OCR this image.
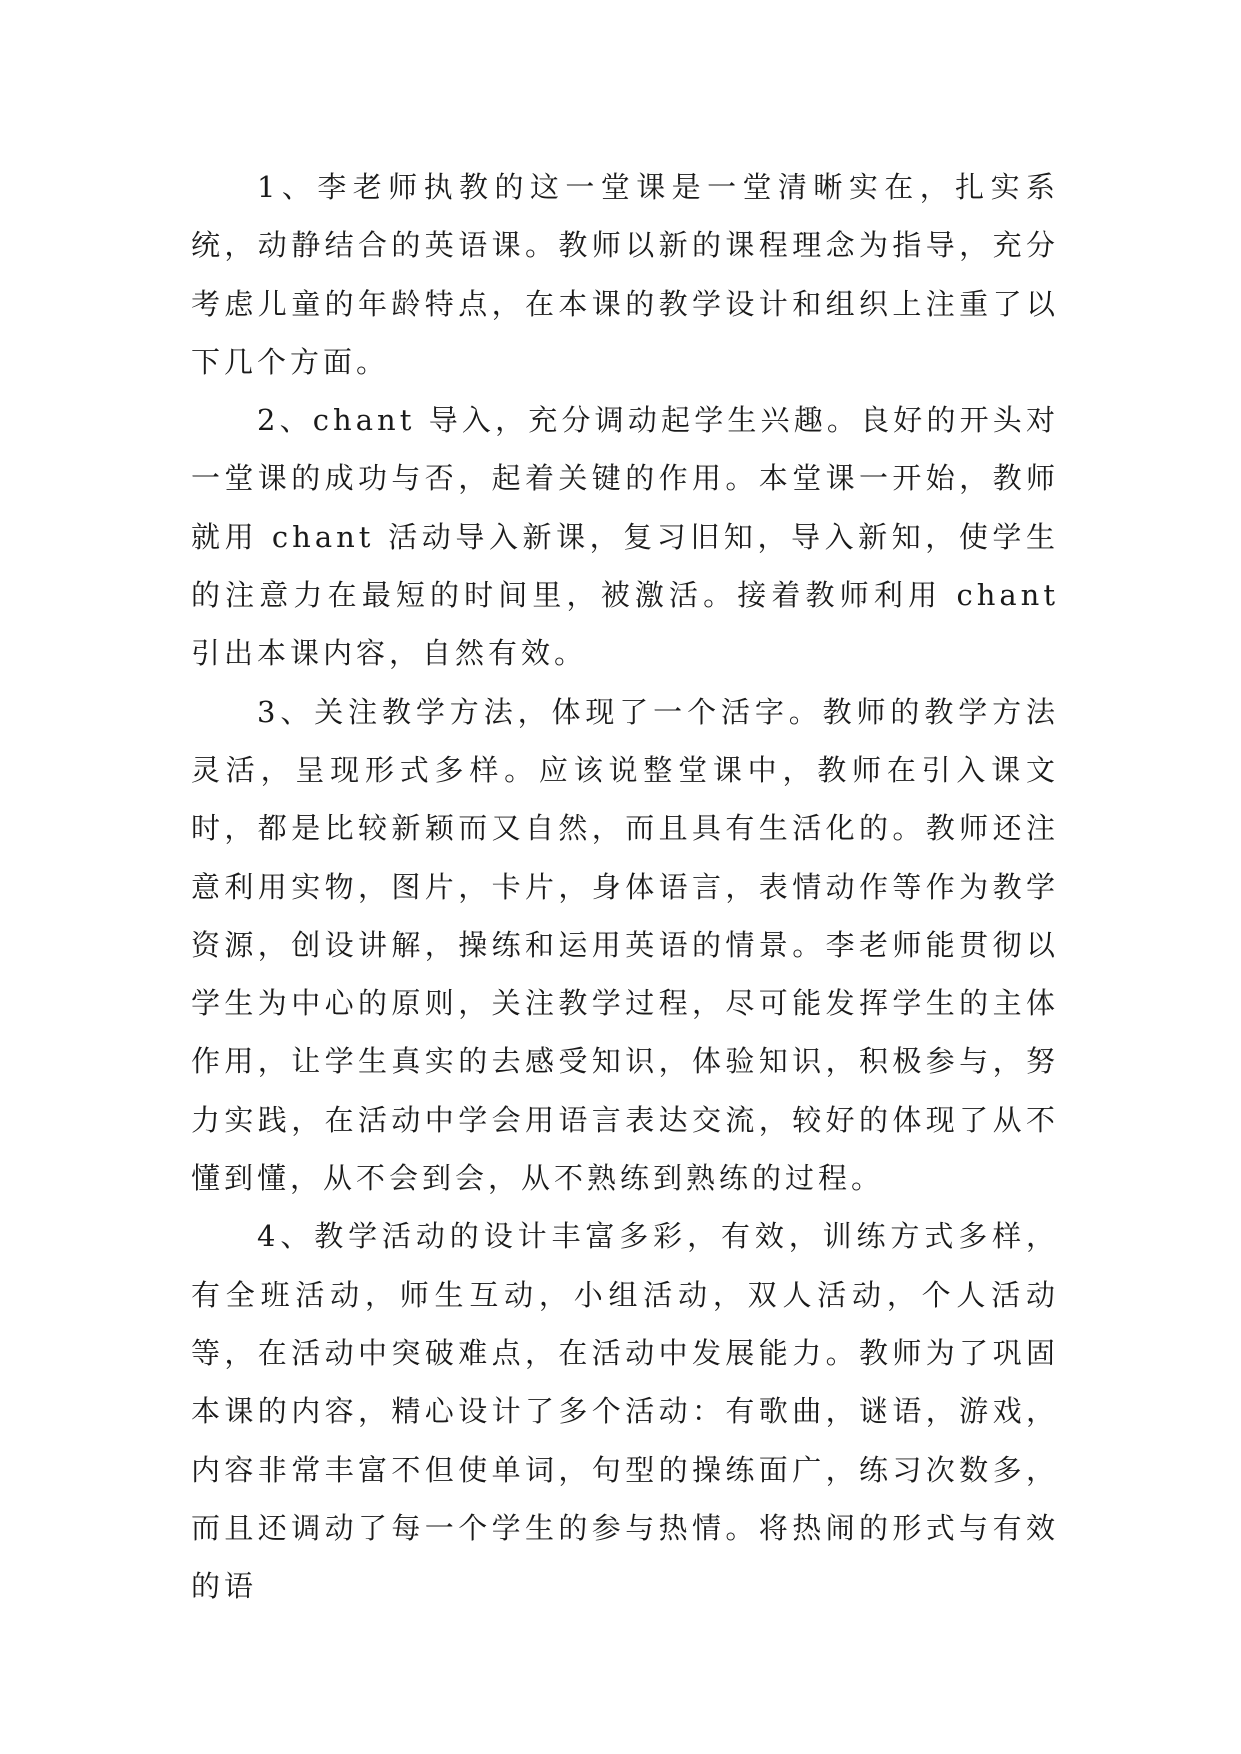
1、李老师执教的这一堂课是一堂清晰实在，扎实系统，动静结合的英语课。教师以新的课程理念为指导，充分考虑儿童的年龄特点，在本课的教学设计和组织上注重了以下几个方面。

2、chant 导入，充分调动起学生兴趣。良好的开头对一堂课的成功与否，起着关键的作用。本堂课一开始，教师就用 chant 活动导入新课，复习旧知，导入新知，使学生的注意力在最短的时间里，被激活。接着教师利用 chant 引出本课内容，自然有效。

3、关注教学方法，体现了一个活字。教师的教学方法灵活，呈现形式多样。应该说整堂课中，教师在引入课文时，都是比较新颖而又自然，而且具有生活化的。教师还注意利用实物，图片，卡片，身体语言，表情动作等作为教学资源，创设讲解，操练和运用英语的情景。李老师能贯彻以学生为中心的原则，关注教学过程，尽可能发挥学生的主体作用，让学生真实的去感受知识，体验知识，积极参与，努力实践，在活动中学会用语言表达交流，较好的体现了从不懂到懂，从不会到会，从不熟练到熟练的过程。

4、教学活动的设计丰富多彩，有效，训练方式多样，有全班活动，师生互动，小组活动，双人活动，个人活动等，在活动中突破难点，在活动中发展能力。教师为了巩固本课的内容，精心设计了多个活动：有歌曲，谜语，游戏，内容非常丰富不但使单词，句型的操练面广，练习次数多，而且还调动了每一个学生的参与热情。将热闹的形式与有效的语
